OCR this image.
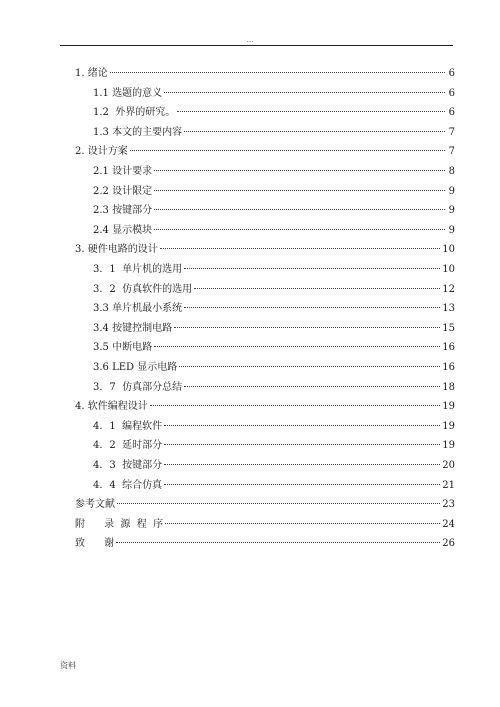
...
1. 绪论	6
1.1 选题的意义	6
1.2  外界的研究。	6
1.3 本文的主要内容	7
2. 设计方案	7
2.1 设计要求	8
2.2 设计限定	9
2.3 按键部分	9
2.4 显示模块	9
3. 硬件电路的设计	10
3．1  单片机的选用	10
3．2  仿真软件的选用	12
3.3 单片机最小系统	13
3.4 按键控制电路	15
3.5 中断电路	16
3.6 LED 显示电路	16
3．7  仿真部分总结	18
4. 软件编程设计	19
4．1  编程软件	19
4．2  延时部分	19
4．3  按键部分	20
4．4  综合仿真	21
参考文献	23
附      录  源  程  序	24
致      谢	26
资料
